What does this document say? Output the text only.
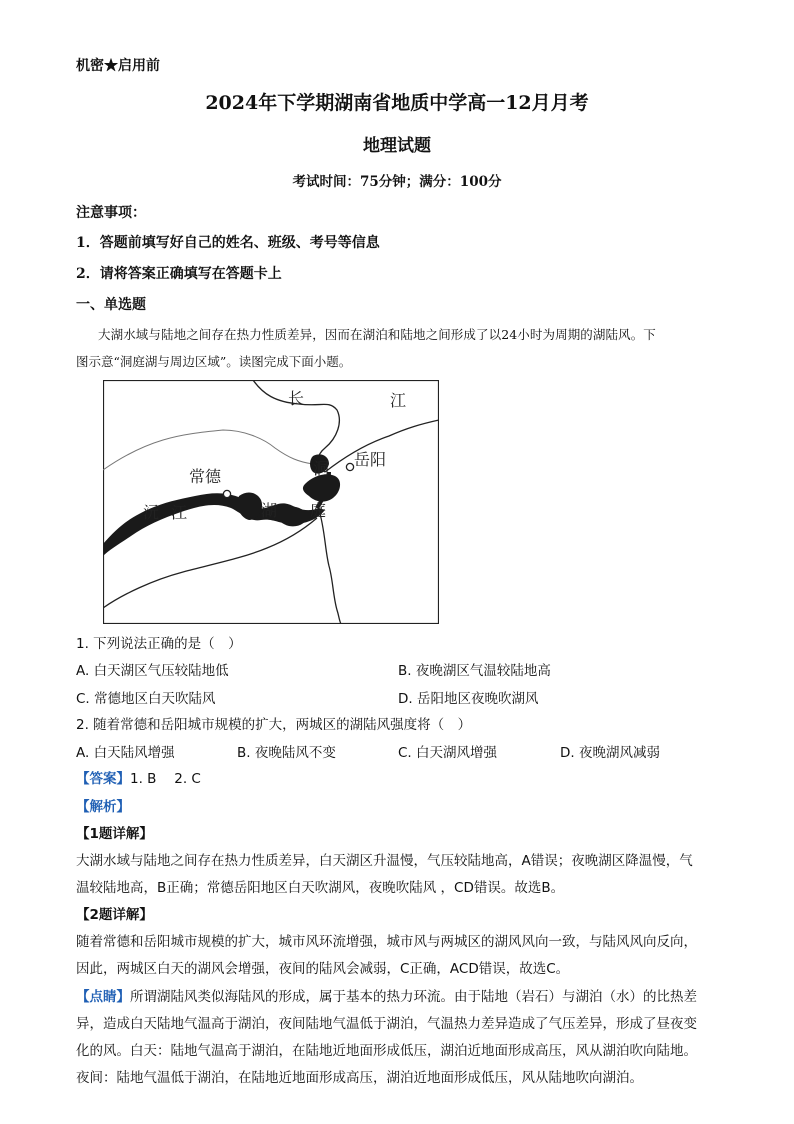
机密★启用前
2024年下学期湖南省地质中学高一12月月考
地理试题
考试时间：75分钟；满分：100分
注意事项：
1．答题前填写好自己的姓名、班级、考号等信息
2．请将答案正确填写在答题卡上
一、单选题
大湖水域与陆地之间存在热力性质差异，因而在湖泊和陆地之间形成了以24小时为周期的湖陆风。下
图示意“洞庭湖与周边区域”。读图完成下面小题。
长	江
洞 岳阳
常德
沅 江	湖 庭
1. 下列说法正确的是（　）
A. 白天湖区气压较陆地低	B. 夜晚湖区气温较陆地高
C. 常德地区白天吹陆风	D. 岳阳地区夜晚吹湖风
2. 随着常德和岳阳城市规模的扩大，两城区的湖陆风强度将（　）
A. 白天陆风增强	B. 夜晚陆风不变	C. 白天湖风增强	D. 夜晚湖风减弱
【答案】1. B　 2. C
【解析】
【1题详解】
大湖水域与陆地之间存在热力性质差异，白天湖区升温慢，气压较陆地高，A错误；夜晚湖区降温慢，气
温较陆地高，B正确；常德岳阳地区白天吹湖风，夜晚吹陆风 ，CD错误。故选B。
【2题详解】
随着常德和岳阳城市规模的扩大，城市风环流增强，城市风与两城区的湖风风向一致，与陆风风向反向，
因此，两城区白天的湖风会增强，夜间的陆风会减弱，C正确，ACD错误，故选C。
【点睛】所谓湖陆风类似海陆风的形成，属于基本的热力环流。由于陆地（岩石）与湖泊（水）的比热差
异，造成白天陆地气温高于湖泊，夜间陆地气温低于湖泊，气温热力差异造成了气压差异，形成了昼夜变
化的风。白天：陆地气温高于湖泊，在陆地近地面形成低压，湖泊近地面形成高压，风从湖泊吹向陆地。
夜间：陆地气温低于湖泊，在陆地近地面形成高压，湖泊近地面形成低压，风从陆地吹向湖泊。
